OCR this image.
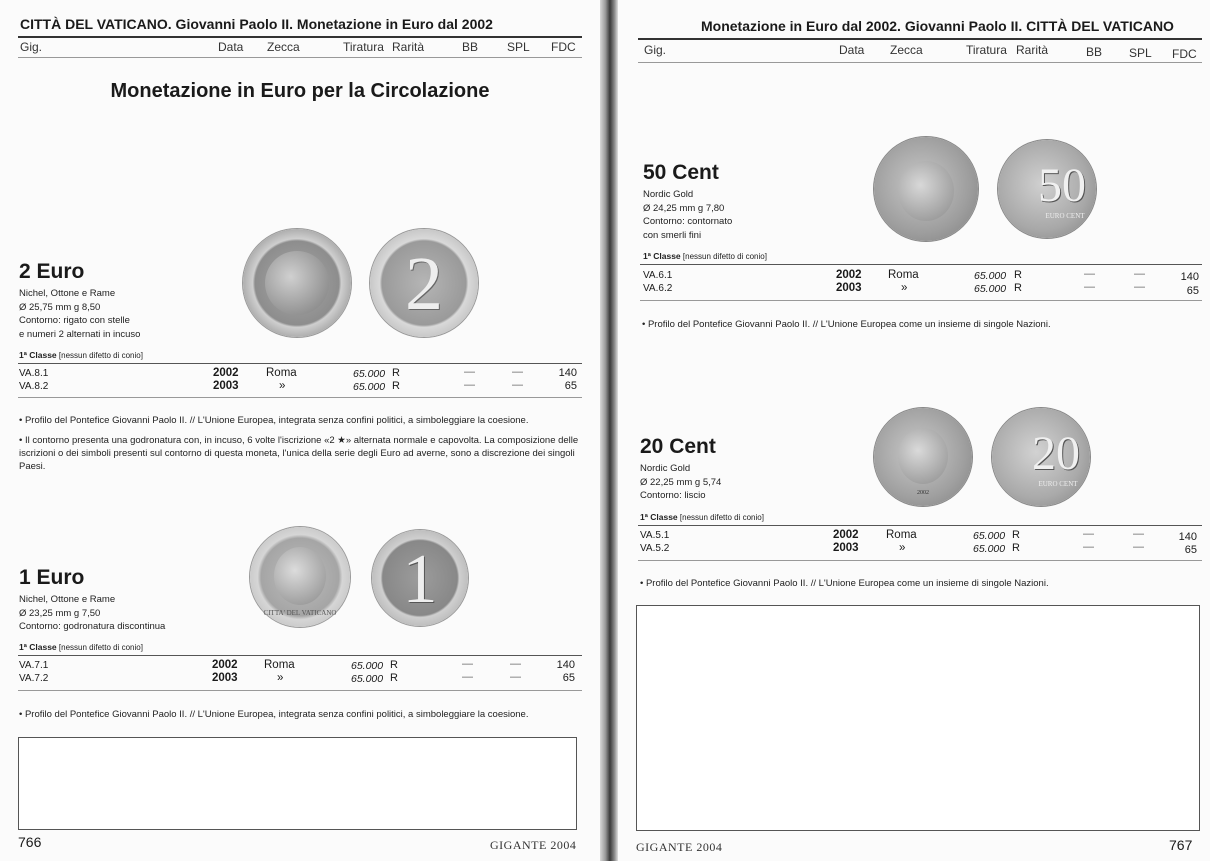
CITTÀ DEL VATICANO. Giovanni Paolo II. Monetazione in Euro dal 2002
Gig.	Data Zecca	Tiratura Rarità	BB SPL FDC
Monetazione in Euro per la Circolazione
2 Euro
Nichel, Ottone e Rame
Ø 25,75 mm g 8,50
Contorno: rigato con stelle
e numeri 2 alternati in incuso
2
1ª Classe [nessun difetto di conio]
VA.8.1	2002 Roma	65.000 R	—	—	140
VA.8.2	2003	»	65.000 R	—	—	65
• Profilo del Pontefice Giovanni Paolo II. // L'Unione Europea, integrata senza confini politici, a simboleggiare la coesione.
• Il contorno presenta una godronatura con, in incuso, 6 volte l'iscrizione «2 ★» alternata normale e capovolta. La composizione delle iscrizioni o dei simboli presenti sul contorno di questa moneta, l'unica della serie degli Euro ad averne, sono a discrezione dei singoli Paesi.
1 Euro
Nichel, Ottone e Rame
Ø 23,25 mm g 7,50
Contorno: godronatura discontinua
CITTA' DEL VATICANO 1
1ª Classe [nessun difetto di conio]
VA.7.1	2002 Roma	65.000 R	—	—	140
VA.7.2	2003	»	65.000 R	—	—	65
• Profilo del Pontefice Giovanni Paolo II. // L'Unione Europea, integrata senza confini politici, a simboleggiare la coesione.
766	GIGANTE 2004
Monetazione in Euro dal 2002. Giovanni Paolo II. CITTÀ DEL VATICANO
Gig.	Data Zecca	Tiratura Rarità	BB SPL FDC
50 Cent
Nordic Gold
Ø 24,25 mm g 7,80
Contorno: contornato
con smerli fini
50
EURO CENT
1ª Classe [nessun difetto di conio]
VA.6.1	2002 Roma	65.000 R	—	—	140
VA.6.2	2003	»	65.000 R	—	—	65
• Profilo del Pontefice Giovanni Paolo II. // L'Unione Europea come un insieme di singole Nazioni.
20 Cent
Nordic Gold
Ø 22,25 mm g 5,74
Contorno: liscio	2002
20
EURO CENT
1ª Classe [nessun difetto di conio]
VA.5.1	2002 Roma	65.000 R	—	—	140
VA.5.2	2003	»	65.000 R	—	—	65
• Profilo del Pontefice Giovanni Paolo II. // L'Unione Europea come un insieme di singole Nazioni.
GIGANTE 2004	767
